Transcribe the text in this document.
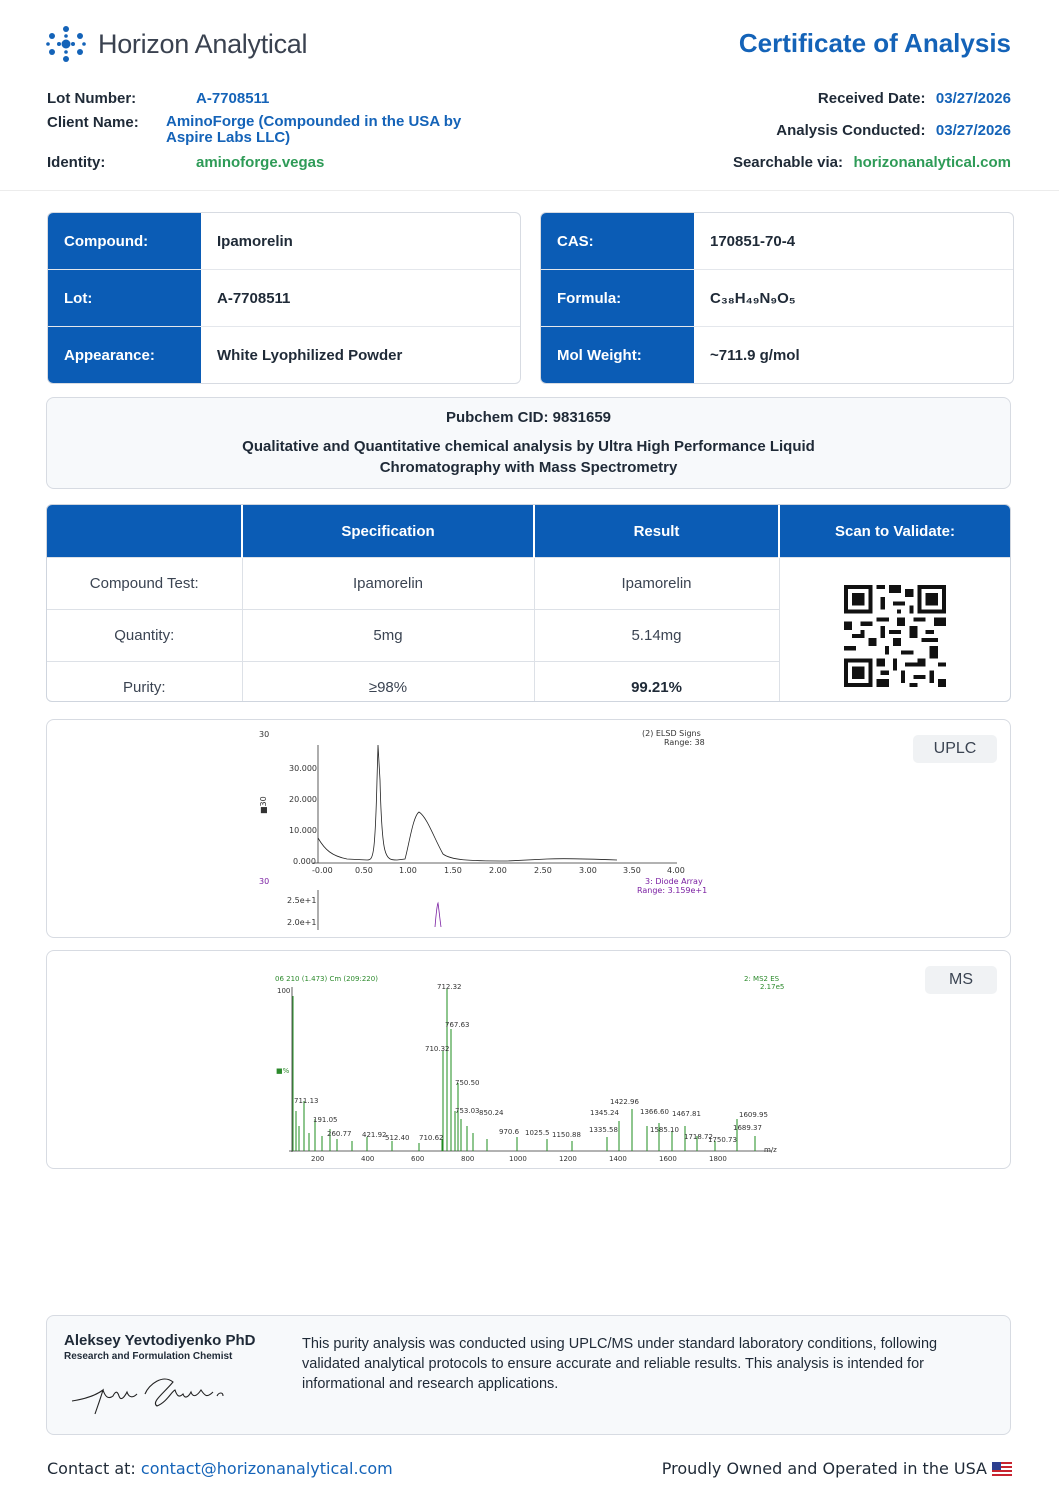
Horizon Analytical	Certificate of Analysis
Lot Number:	A-7708511
Client Name: AminoForge (Compounded in the USA by
Aspire Labs LLC)
Identity:	aminoforge.vegas
Received Date: 03/27/2026
Analysis Conducted: 03/27/2026
Searchable via: horizonanalytical.com
Compound:	Ipamorelin
Lot:	A-7708511
Appearance:	White Lyophilized Powder
CAS:	170851-70-4
Formula:	C₃₈H₄₉N₉O₅
Mol Weight:	~711.9 g/mol
Pubchem CID: 9831659
Qualitative and Quantitative chemical analysis by Ultra High Performance Liquid Chromatography with Mass Spectrometry
	Specification	Result	Scan to Validate:
Compound Test:	Ipamorelin	Ipamorelin	

Quantity:	5mg	5.14mg	
Purity:	≥98%	99.21%	
UPLC
30
■30
(2) ELSD Signs
Range: 38
30.000
20.000
10.000
0.000
-0.00	0.50	1.00	1.50	2.00	2.50	3.00	3.50	4.00
30	3: Diode Array
Range: 3.159e+1
2.5e+1
2.0e+1
MS
06 210 (1.473) Cm (209:220)	2: MS2 ES
2.17e5
100
■%
200	400	600	800	1000	1200	1400	1600	1800
m/z
712.32
767.63
710.32
750.50
711.13
753.03
191.05
850.24
260.77 421.92
512.40 710.62
970.6 1025.5 1150.88
1345.24
1422.96
1335.58
1366.60 1467.81
1585.10
1609.95
1689.37
1718.72
1750.73
Aleksey Yevtodiyenko PhD
Research and Formulation Chemist
This purity analysis was conducted using UPLC/MS under standard laboratory conditions, following validated analytical protocols to ensure accurate and reliable results. This analysis is intended for informational and research applications.
Contact at: contact@horizonanalytical.com	Proudly Owned and Operated in the USA
